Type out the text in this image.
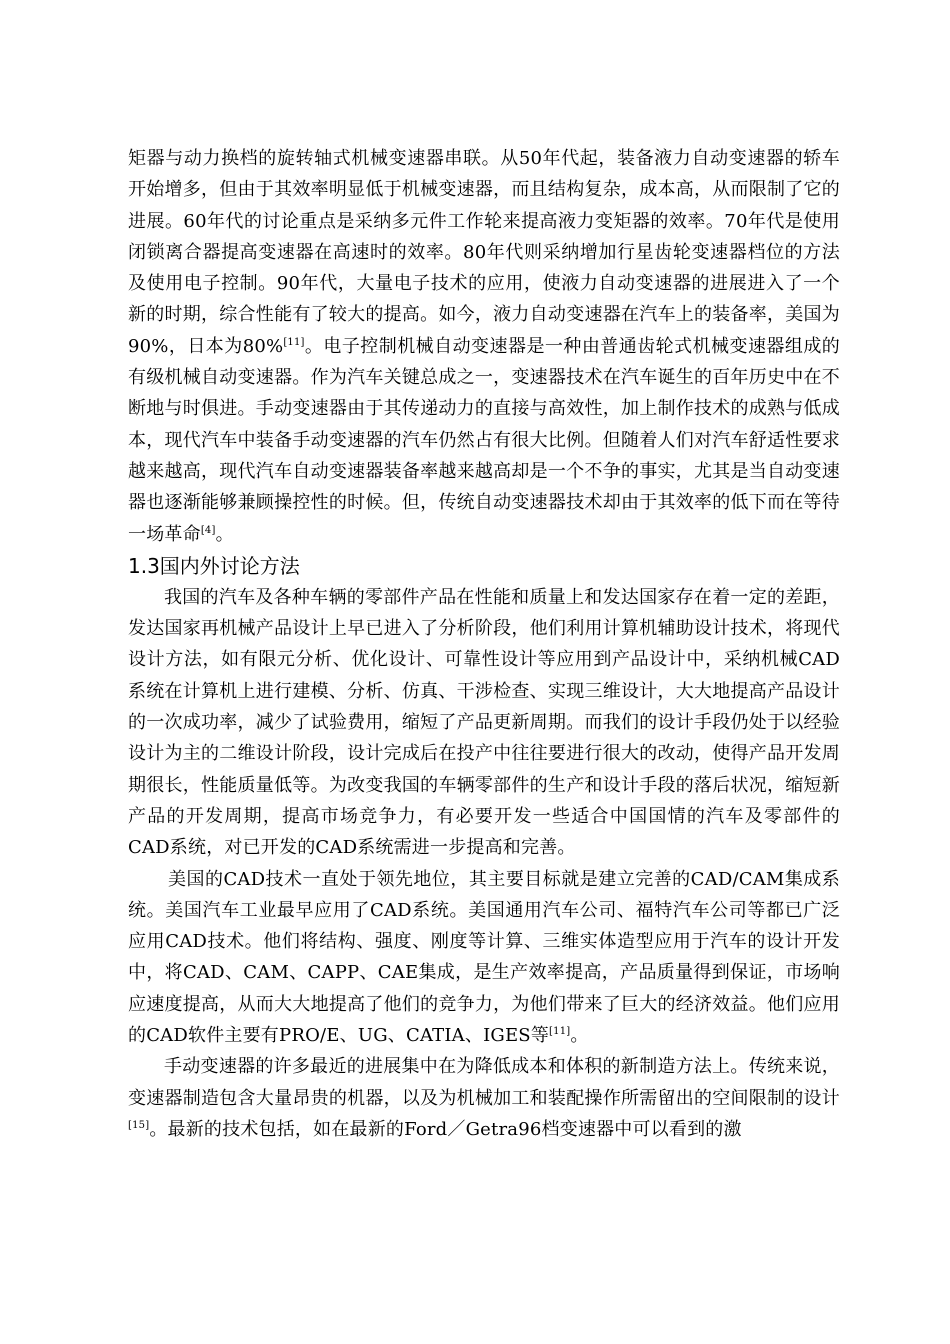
矩器与动力换档的旋转轴式机械变速器串联。从50年代起，装备液力自动变速器的轿车开始增多，但由于其效率明显低于机械变速器，而且结构复杂，成本高，从而限制了它的进展。60年代的讨论重点是采纳多元件工作轮来提高液力变矩器的效率。70年代是使用闭锁离合器提高变速器在高速时的效率。80年代则采纳增加行星齿轮变速器档位的方法及使用电子控制。90年代，大量电子技术的应用，使液力自动变速器的进展进入了一个新的时期，综合性能有了较大的提高。如今，液力自动变速器在汽车上的装备率，美国为90%，日本为80%[11]。电子控制机械自动变速器是一种由普通齿轮式机械变速器组成的有级机械自动变速器。作为汽车关键总成之一，变速器技术在汽车诞生的百年历史中在不断地与时俱进。手动变速器由于其传递动力的直接与高效性，加上制作技术的成熟与低成本，现代汽车中装备手动变速器的汽车仍然占有很大比例。但随着人们对汽车舒适性要求越来越高，现代汽车自动变速器装备率越来越高却是一个不争的事实，尤其是当自动变速器也逐渐能够兼顾操控性的时候。但，传统自动变速器技术却由于其效率的低下而在等待一场革命[4]。

1.3国内外讨论方法

我国的汽车及各种车辆的零部件产品在性能和质量上和发达国家存在着一定的差距，发达国家再机械产品设计上早已进入了分析阶段，他们利用计算机辅助设计技术，将现代设计方法，如有限元分析、优化设计、可靠性设计等应用到产品设计中，采纳机械CAD系统在计算机上进行建模、分析、仿真、干涉检查、实现三维设计，大大地提高产品设计的一次成功率，减少了试验费用，缩短了产品更新周期。而我们的设计手段仍处于以经验设计为主的二维设计阶段，设计完成后在投产中往往要进行很大的改动，使得产品开发周期很长，性能质量低等。为改变我国的车辆零部件的生产和设计手段的落后状况，缩短新产品的开发周期，提高市场竞争力，有必要开发一些适合中国国情的汽车及零部件的CAD系统，对已开发的CAD系统需进一步提高和完善。

美国的CAD技术一直处于领先地位，其主要目标就是建立完善的CAD/CAM集成系统。美国汽车工业最早应用了CAD系统。美国通用汽车公司、福特汽车公司等都已广泛应用CAD技术。他们将结构、强度、刚度等计算、三维实体造型应用于汽车的设计开发中，将CAD、CAM、CAPP、CAE集成，是生产效率提高，产品质量得到保证，市场响应速度提高，从而大大地提高了他们的竞争力，为他们带来了巨大的经济效益。他们应用的CAD软件主要有PRO/E、UG、CATIA、IGES等[11]。

手动变速器的许多最近的进展集中在为降低成本和体积的新制造方法上。传统来说，变速器制造包含大量昂贵的机器，以及为机械加工和装配操作所需留出的空间限制的设计[15]。最新的技术包括，如在最新的Ford／Getra96档变速器中可以看到的激
